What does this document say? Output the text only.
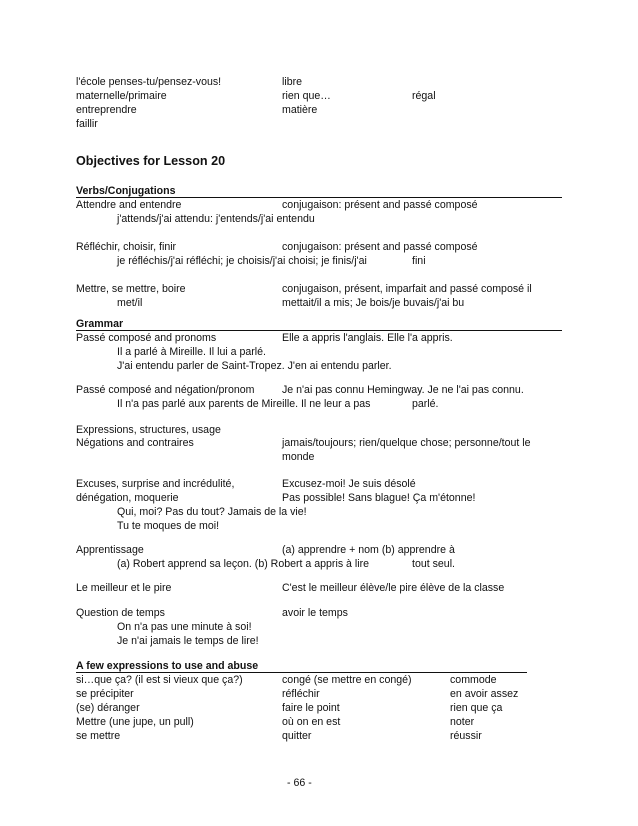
l'école penses-tu/pensez-vous!	libre
maternelle/primaire	rien que…	régal
entreprendre	matière
faillir
Objectives for Lesson 20
Verbs/Conjugations
Attendre and entendre	conjugaison: présent and passé composé
j'attends/j'ai attendu: j'entends/j'ai entendu
Réfléchir, choisir, finir	conjugaison: présent and passé composé
je réfléchis/j'ai réfléchi; je choisis/j'ai choisi; je finis/j'ai	fini
Mettre, se mettre, boire	conjugaison, présent, imparfait and passé composé il
met/il	mettait/il a mis; Je bois/je buvais/j'ai bu
Grammar
Passé composé and pronoms	Elle a appris l'anglais. Elle l'a appris.
Il a parlé à Mireille. Il lui a parlé.
J'ai entendu parler de Saint-Tropez. J'en ai entendu parler.
Passé composé and négation/pronom	Je n'ai pas connu Hemingway. Je ne l'ai pas connu.
Il n'a pas parlé aux parents de Mireille. Il ne leur a pas	parlé.
Expressions, structures, usage
Négations and contraires	jamais/toujours; rien/quelque chose; personne/tout le
monde
Excuses, surprise and incrédulité,	Excusez-moi! Je suis désolé
dénégation, moquerie	Pas possible! Sans blague! Ça m'étonne!
Qui, moi? Pas du tout? Jamais de la vie!
Tu te moques de moi!
Apprentissage	(a) apprendre + nom (b) apprendre à
(a) Robert apprend sa leçon. (b) Robert a appris à lire	tout seul.
Le meilleur et le pire	C'est le meilleur élève/le pire élève de la classe
Question de temps	avoir le temps
On n'a pas une minute à soi!
Je n'ai jamais le temps de lire!
A few expressions to use and abuse
si…que ça? (il est si vieux que ça?)	congé (se mettre en congé)	commode
se précipiter	réfléchir	en avoir assez
(se) déranger	faire le point	rien que ça
Mettre (une jupe, un pull)	où on en est	noter
se mettre	quitter	réussir
- 66 -
